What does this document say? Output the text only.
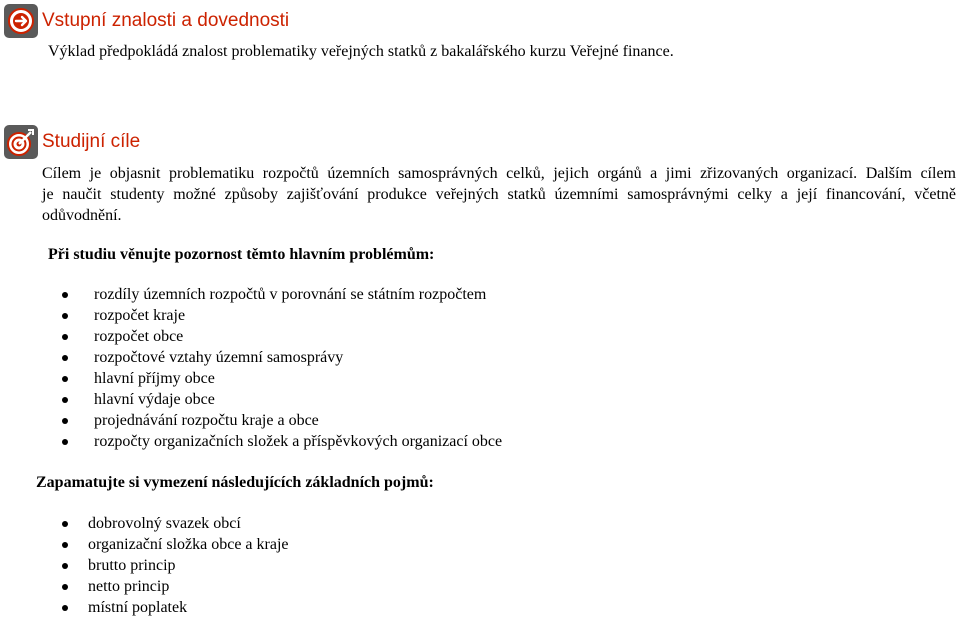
Vstupní znalosti a dovednosti
Výklad předpokládá znalost problematiky veřejných statků z bakalářského kurzu Veřejné finance.
Studijní cíle
Cílem je objasnit problematiku rozpočtů územních samosprávných celků, jejich orgánů a jimi zřizovaných organizací. Dalším cílem
je naučit studenty možné způsoby zajišťování produkce veřejných statků územními samosprávnými celky a její financování, včetně
odůvodnění.
Při studiu věnujte pozornost těmto hlavním problémům:
rozdíly územních rozpočtů v porovnání se státním rozpočtem
rozpočet kraje
rozpočet obce
rozpočtové vztahy územní samosprávy
hlavní příjmy obce
hlavní výdaje obce
projednávání rozpočtu kraje a obce
rozpočty organizačních složek a příspěvkových organizací obce
Zapamatujte si vymezení následujících základních pojmů:
dobrovolný svazek obcí
organizační složka obce a kraje
brutto princip
netto princip
místní poplatek
